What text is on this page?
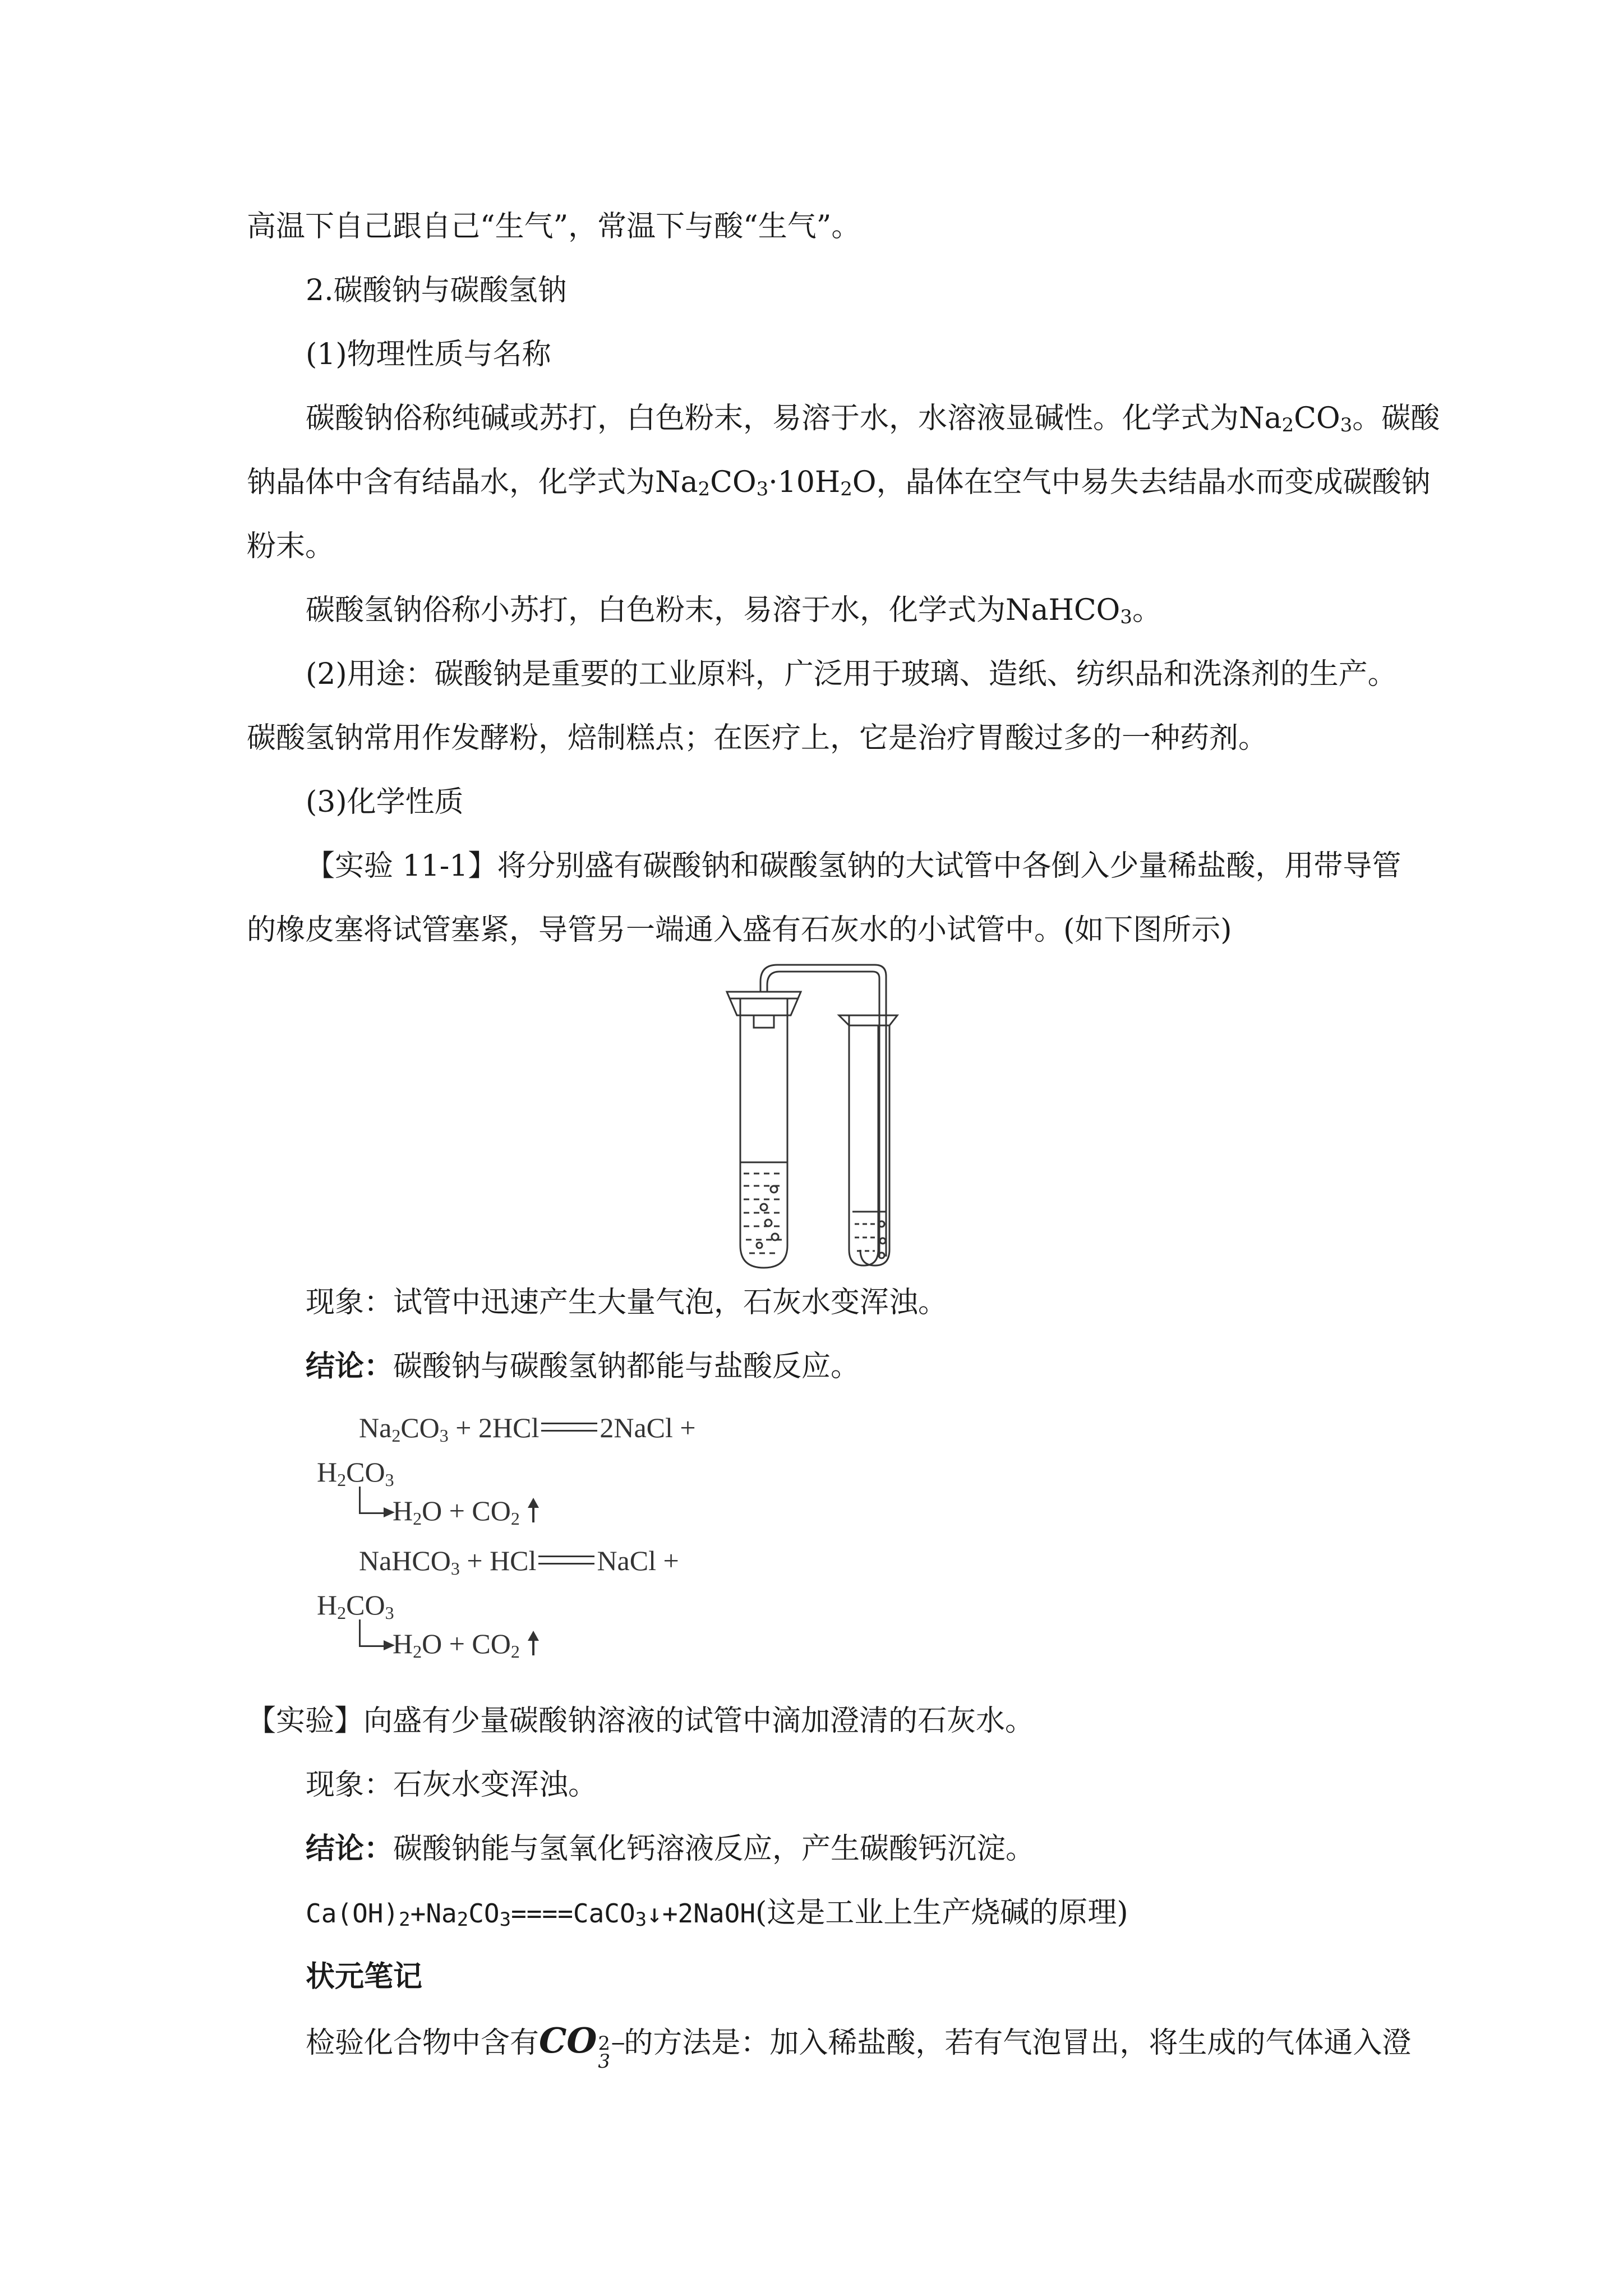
高温下自己跟自己“生气”，常温下与酸“生气”。
2.碳酸钠与碳酸氢钠
(1)物理性质与名称
碳酸钠俗称纯碱或苏打，白色粉末，易溶于水，水溶液显碱性。化学式为$Na_2CO_3$。碳酸
钠晶体中含有结晶水，化学式为$Na_2CO_3\cdot 10H_2O$，晶体在空气中易失去结晶水而变成碳酸钠
粉末。
碳酸氢钠俗称小苏打，白色粉末，易溶于水，化学式为NaHCO$_3$。
(2)用途：碳酸钠是重要的工业原料，广泛用于玻璃、造纸、纺织品和洗涤剂的生产。
碳酸氢钠常用作发酵粉，焙制糕点；在医疗上，它是治疗胃酸过多的一种药剂。
(3)化学性质
【实验 11-1】将分别盛有碳酸钠和碳酸氢钠的大试管中各倒入少量稀盐酸，用带导管
的橡皮塞将试管塞紧，导管另一端通入盛有石灰水的小试管中。(如下图所示)
现象：试管中迅速产生大量气泡，石灰水变浑浊。
结论：碳酸钠与碳酸氢钠都能与盐酸反应。
$Na_2CO_3 + 2HCl$ 2NaCl +
$H_2CO_3$
$H_2O + CO_2$
NaHCO$_3$ + HCl NaCl +
$H_2CO_3$
$H_2O + CO_2$
【实验】向盛有少量碳酸钠溶液的试管中滴加澄清的石灰水。
现象：石灰水变浑浊。
结论：碳酸钠能与氢氧化钙溶液反应，产生碳酸钙沉淀。
$Ca(OH)_2+Na_2CO_3====CaCO_3↓+2NaOH$(这是工业上生产烧碱的原理)
状元笔记
检验化合物中含有CO 2−
3
的方法是：加入稀盐酸，若有气泡冒出，将生成的气体通入澄
